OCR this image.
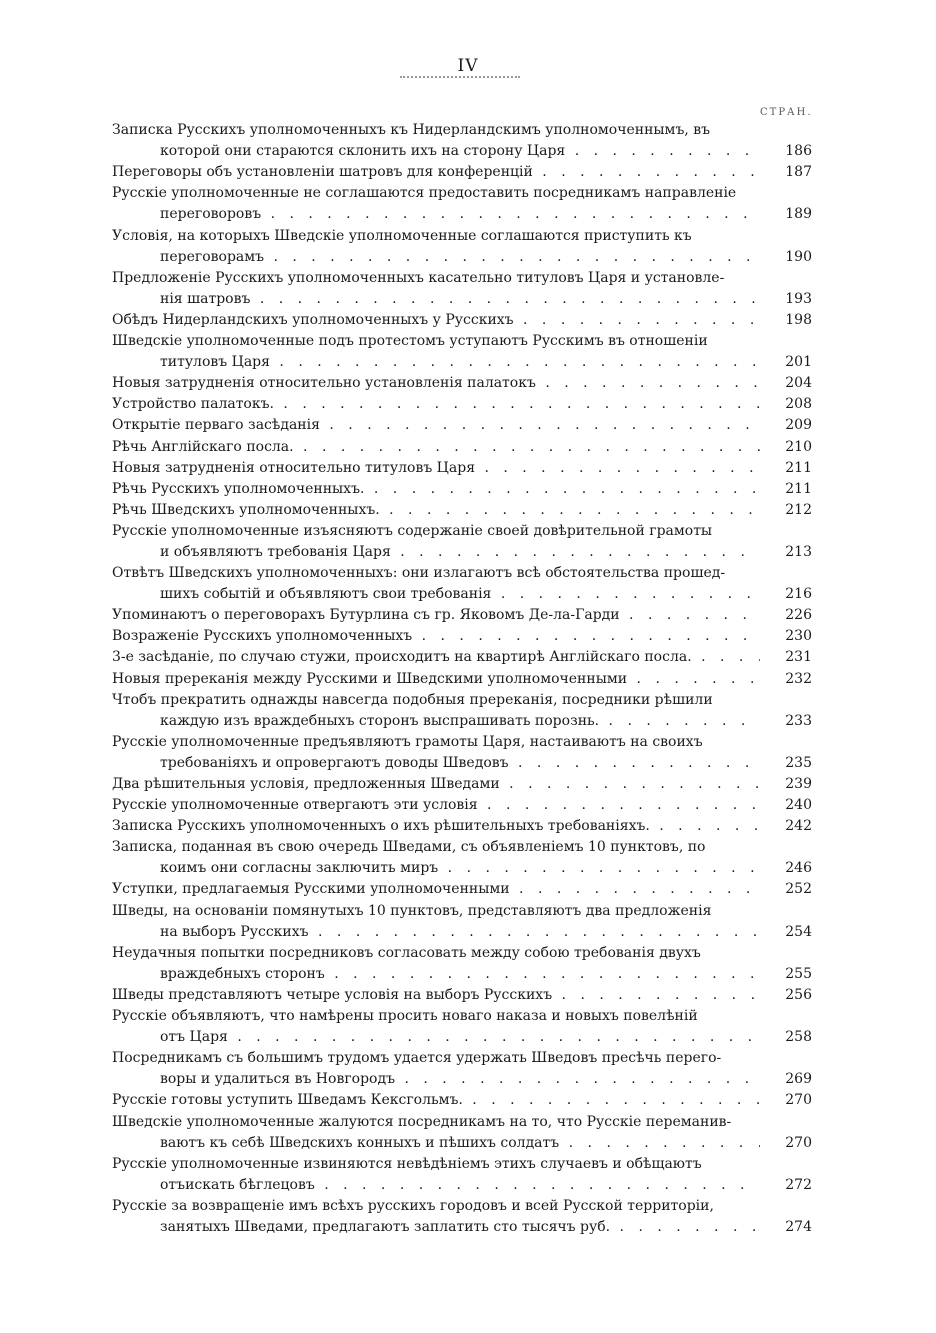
IV
СТРАН.
Записка Русскихъ уполномоченныхъ къ Нидерландскимъ уполномоченнымъ, въ
которой они стараются склонить ихъ на сторону Царя . . .	186
Переговоры объ установленіи шатровъ для конференцій . . .	187
Русскіе уполномоченные не соглашаются предоставить посредникамъ направленіе
переговоровъ . . .	189
Условія, на которыхъ Шведскіе уполномоченные соглашаются приступить къ
переговорамъ . . .	190
Предложеніе Русскихъ уполномоченныхъ касательно титуловъ Царя и установле-
нія шатровъ . . .	193
Обѣдъ Нидерландскихъ уполномоченныхъ у Русскихъ . . .	198
Шведскіе уполномоченные подъ протестомъ уступаютъ Русскимъ въ отношеніи
титуловъ Царя . . .	201
Новыя затрудненія относительно установленія палатокъ . . .	204
Устройство палатокъ. . . .	208
Открытіе перваго засѣданія . . .	209
Рѣчь Англійскаго посла. . . .	210
Новыя затрудненія относительно титуловъ Царя . . .	211
Рѣчь Русскихъ уполномоченныхъ. . . .	211
Рѣчь Шведскихъ уполномоченныхъ. . . .	212
Русскіе уполномоченные изъясняютъ содержаніе своей довѣрительной грамоты
и объявляютъ требованія Царя . . .	213
Отвѣтъ Шведскихъ уполномоченныхъ: они излагаютъ всѣ обстоятельства прошед-
шихъ событій и объявляютъ свои требованія . . .	216
Упоминаютъ о переговорахъ Бутурлина съ гр. Яковомъ Де-ла-Гарди . . .	226
Возраженіе Русскихъ уполномоченныхъ . . .	230
3-е засѣданіе, по случаю стужи, происходитъ на квартирѣ Англійскаго посла. . . .	231
Новыя пререканія между Русскими и Шведскими уполномоченными . . .	232
Чтобъ прекратить однажды навсегда подобныя пререканія, посредники рѣшили
каждую изъ враждебныхъ сторонъ выспрашивать порознь. . . .	233
Русскіе уполномоченные предъявляютъ грамоты Царя, настаиваютъ на своихъ
требованіяхъ и опровергаютъ доводы Шведовъ . . .	235
Два рѣшительныя условія, предложенныя Шведами . . .	239
Русскіе уполномоченные отвергаютъ эти условія . . .	240
Записка Русскихъ уполномоченныхъ о ихъ рѣшительныхъ требованіяхъ. . . .	242
Записка, поданная въ свою очередь Шведами, съ объявленіемъ 10 пунктовъ, по
коимъ они согласны заключить миръ . . .	246
Уступки, предлагаемыя Русскими уполномоченными . . .	252
Шведы, на основаніи помянутыхъ 10 пунктовъ, представляютъ два предложенія
на выборъ Русскихъ . . .	254
Неудачныя попытки посредниковъ согласовать между собою требованія двухъ
враждебныхъ сторонъ . . .	255
Шведы представляютъ четыре условія на выборъ Русскихъ . . .	256
Русскіе объявляютъ, что намѣрены просить новаго наказа и новыхъ повелѣній
отъ Царя . . .	258
Посредникамъ съ большимъ трудомъ удается удержать Шведовъ пресѣчь перего-
воры и удалиться въ Новгородъ . . .	269
Русскіе готовы уступить Шведамъ Кексгольмъ. . . .	270
Шведскіе уполномоченные жалуются посредникамъ на то, что Русскіе переманив-
ваютъ къ себѣ Шведскихъ конныхъ и пѣшихъ солдатъ . . .	270
Русскіе уполномоченные извиняются невѣдѣніемъ этихъ случаевъ и обѣщаютъ
отъискать бѣглецовъ . . .	272
Русскіе за возвращеніе имъ всѣхъ русскихъ городовъ и всей Русской территоріи,
занятыхъ Шведами, предлагаютъ заплатить сто тысячъ руб. . . .	274
